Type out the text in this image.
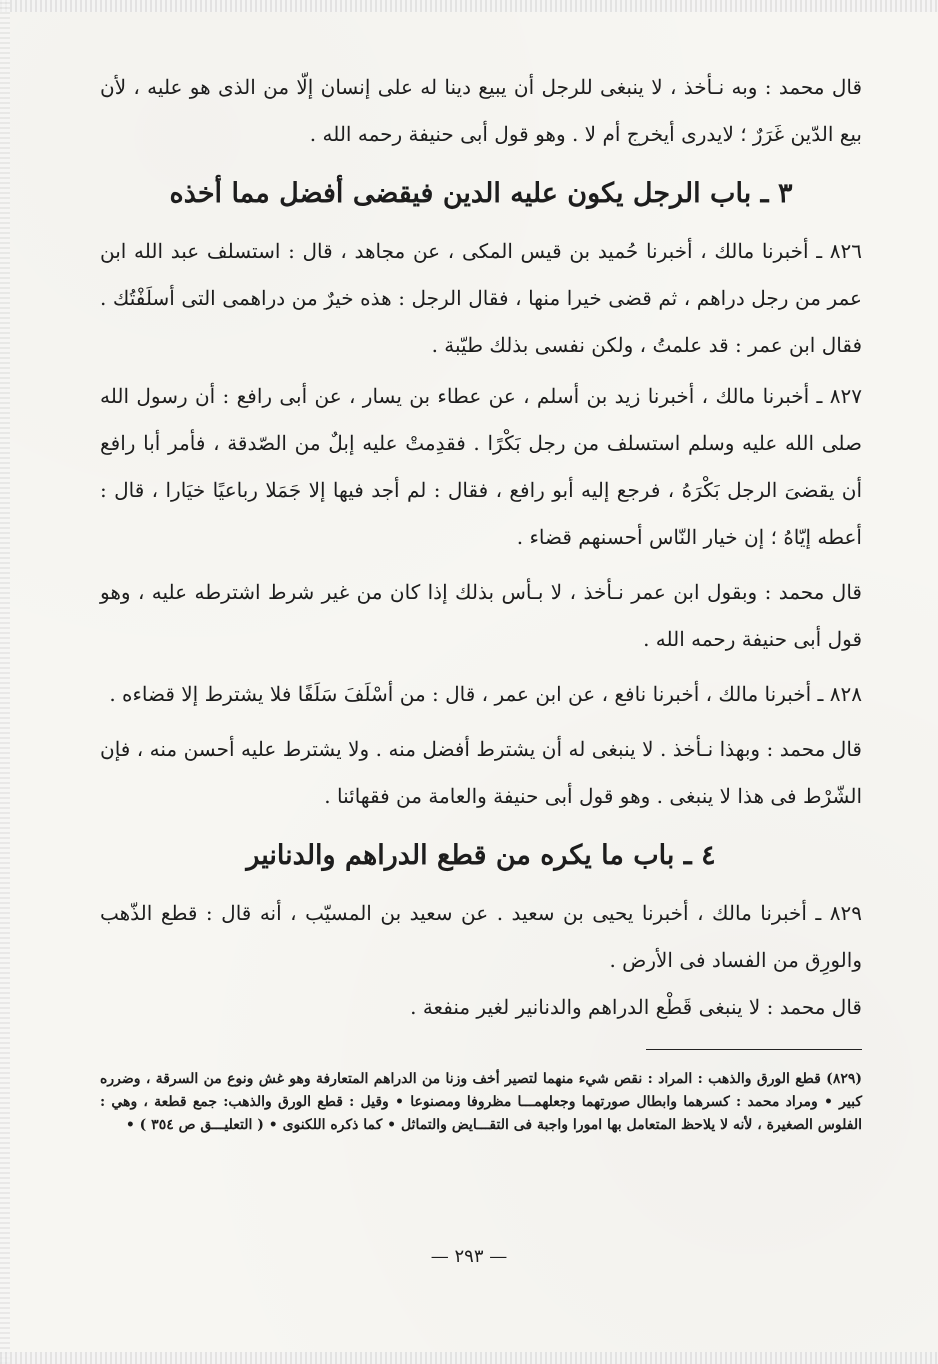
قال محمد : وبه نـأخذ ، لا ينبغى للرجل أن يبيع دينا له على إنسان إلّا من الذى هو عليه ، لأن بيع الدّين غَرَرٌ ؛ لايدرى أيخرج أم لا . وهو قول أبى حنيفة رحمه الله .

٣ ـ باب الرجل يكون عليه الدين فيقضى أفضل مما أخذه

٨٢٦ ـ أخبرنا مالك ، أخبرنا حُميد بن قيس المكى ، عن مجاهد ، قال : استسلف عبد الله ابن عمر من رجل دراهم ، ثم قضى خيرا منها ، فقال الرجل : هذه خيرٌ من دراهمى التى أسلَفْتُك . فقال ابن عمر : قد علمتُ ، ولكن نفسى بذلك طيّبة .

٨٢٧ ـ أخبرنا مالك ، أخبرنا زيد بن أسلم ، عن عطاء بن يسار ، عن أبى رافع : أن رسول الله صلى الله عليه وسلم استسلف من رجل بَكْرًا . فقدِمتْ عليه إبلٌ من الصّدقة ، فأمر أبا رافع أن يقضىَ الرجل بَكْرَهُ ، فرجع إليه أبو رافع ، فقال : لم أجد فيها إلا جَمَلا رباعيًا خيَارا ، قال : أعطه إيّاهُ ؛ إن خيار النّاس أحسنهم قضاء .

قال محمد : وبقول ابن عمر نـأخذ ، لا بـأس بذلك إذا كان من غير شرط اشترطه عليه ، وهو قول أبى حنيفة رحمه الله .

٨٢٨ ـ أخبرنا مالك ، أخبرنا نافع ، عن ابن عمر ، قال : من أسْلَفَ سَلَفًا فلا يشترط إلا قضاءه .

قال محمد : وبهذا نـأخذ . لا ينبغى له أن يشترط أفضل منه . ولا يشترط عليه أحسن منه ، فإن الشّرْط فى هذا لا ينبغى . وهو قول أبى حنيفة والعامة من فقهائنا .

٤ ـ باب ما يكره من قطع الدراهم والدنانير

٨٢٩ ـ أخبرنا مالك ، أخبرنا يحيى بن سعيد . عن سعيد بن المسيّب ، أنه قال : قطع الذّهب والورِق من الفساد فى الأرض .

قال محمد : لا ينبغى قَطْع الدراهم والدنانير لغير منفعة .

(٨٢٩) قطع الورق والذهب : المراد : نقص شيء منهما لتصير أخف وزنا من الدراهم المتعارفة وهو غش ونوع من السرقة ، وضرره كبير • ومراد محمد : كسرهما وابطال صورتهما وجعلهمـــا مظروفا ومصنوعا • وقيل : قطع الورق والذهب: جمع قطعة ، وهي : الفلوس الصغيرة ، لأنه لا يلاحظ المتعامل بها امورا واجبة فى التقـــايض والتماثل • كما ذكره اللكنوى • ( التعليـــق ص ٣٥٤ ) •

— ٢٩٣ —
